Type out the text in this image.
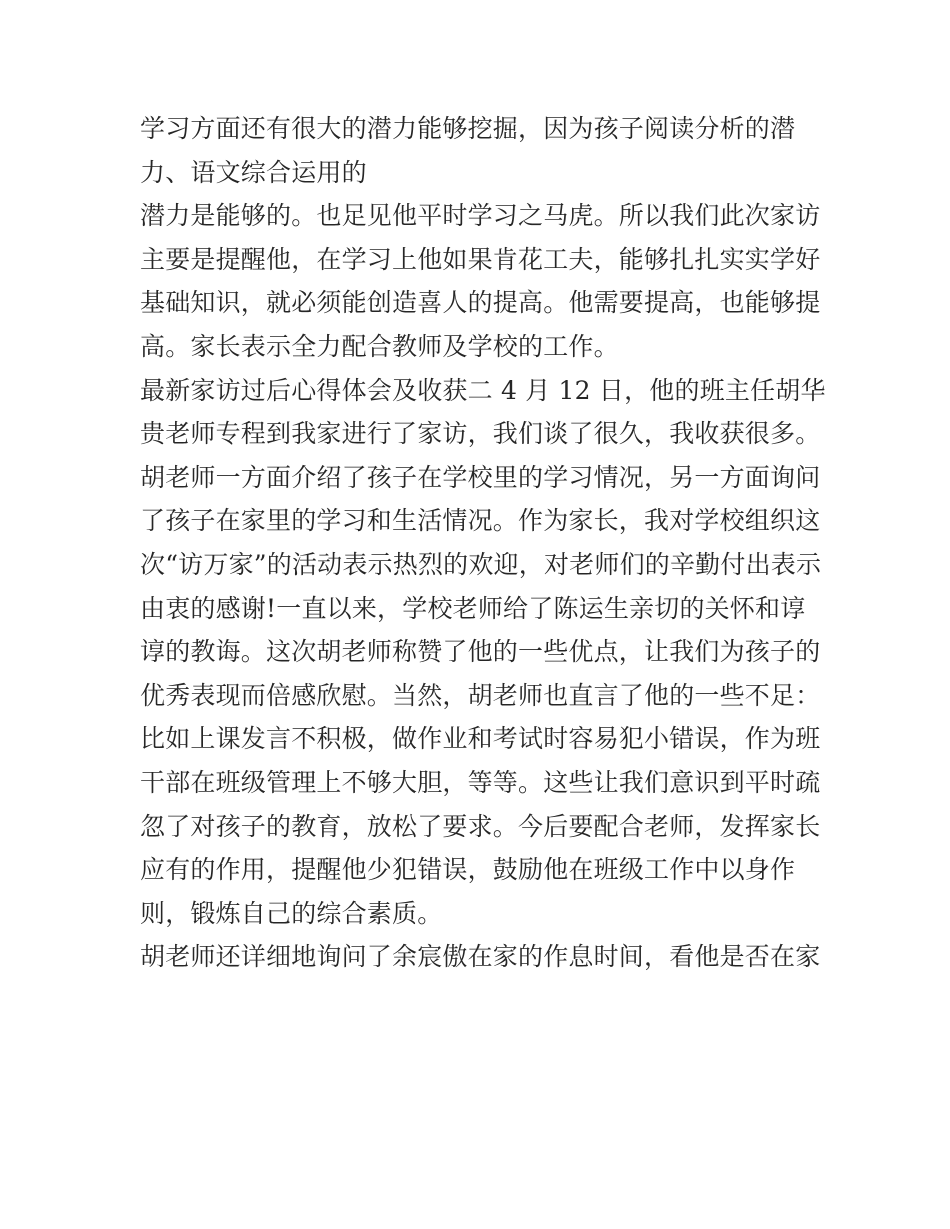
学习方面还有很大的潜力能够挖掘，因为孩子阅读分析的潜
力、语文综合运用的
潜力是能够的。也足见他平时学习之马虎。所以我们此次家访
主要是提醒他，在学习上他如果肯花工夫，能够扎扎实实学好
基础知识，就必须能创造喜人的提高。他需要提高，也能够提
高。家长表示全力配合教师及学校的工作。
最新家访过后心得体会及收获二 4 月 12 日，他的班主任胡华
贵老师专程到我家进行了家访，我们谈了很久，我收获很多。
胡老师一方面介绍了孩子在学校里的学习情况，另一方面询问
了孩子在家里的学习和生活情况。作为家长，我对学校组织这
次“访万家”的活动表示热烈的欢迎，对老师们的辛勤付出表示
由衷的感谢!一直以来，学校老师给了陈运生亲切的关怀和谆
谆的教诲。这次胡老师称赞了他的一些优点，让我们为孩子的
优秀表现而倍感欣慰。当然，胡老师也直言了他的一些不足：
比如上课发言不积极，做作业和考试时容易犯小错误，作为班
干部在班级管理上不够大胆，等等。这些让我们意识到平时疏
忽了对孩子的教育，放松了要求。今后要配合老师，发挥家长
应有的作用，提醒他少犯错误，鼓励他在班级工作中以身作
则，锻炼自己的综合素质。
胡老师还详细地询问了余宸傲在家的作息时间，看他是否在家
